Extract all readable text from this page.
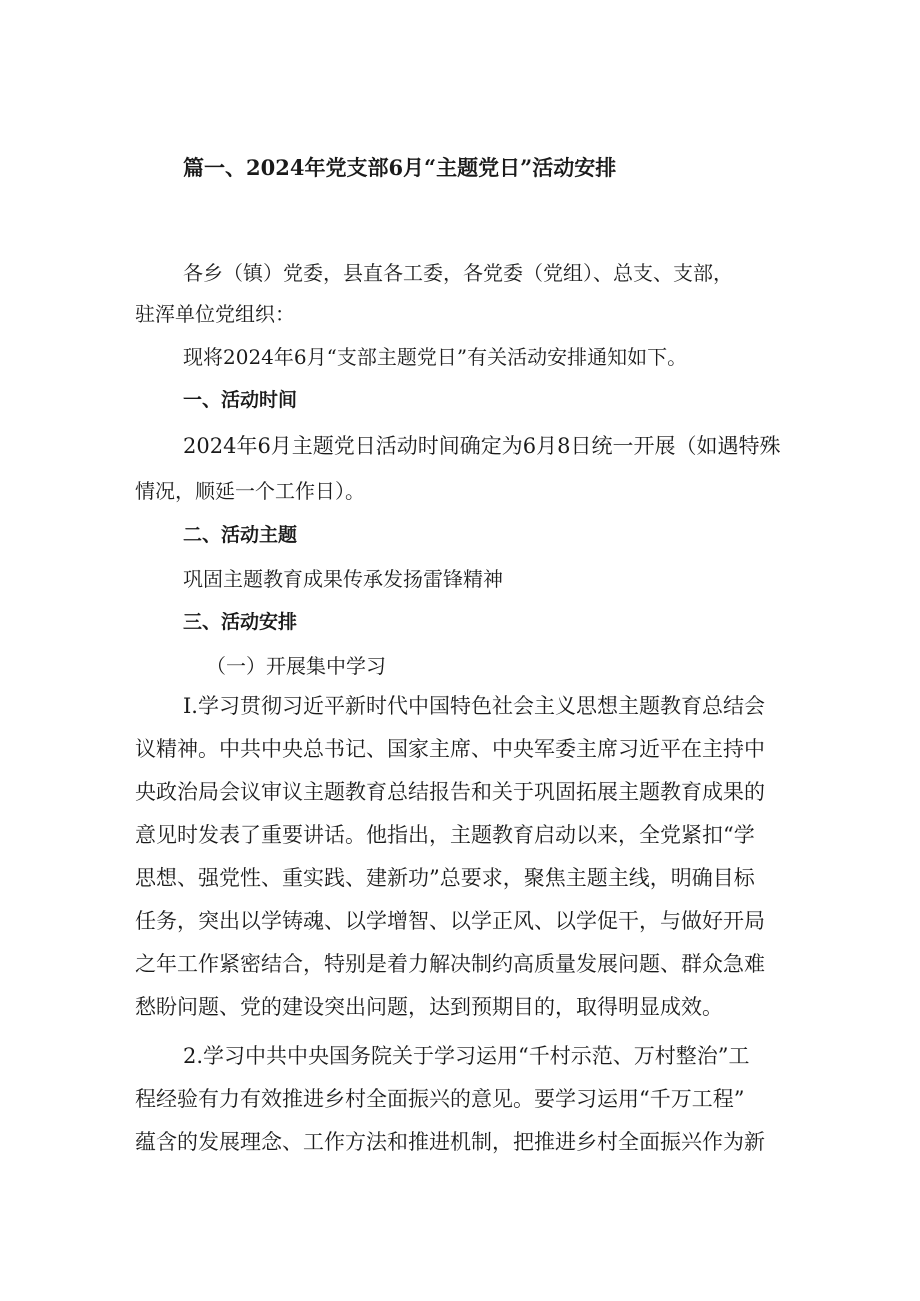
篇一、2024年党支部6月“主题党日”活动安排
各乡（镇）党委，县直各工委，各党委（党组）、总支、支部，
驻浑单位党组织：
现将2024年6月“支部主题党日”有关活动安排通知如下。
一、活动时间
2024年6月主题党日活动时间确定为6月8日统一开展（如遇特殊
情况，顺延一个工作日）。
二、活动主题
巩固主题教育成果传承发扬雷锋精神
三、活动安排
（一）开展集中学习
I.学习贯彻习近平新时代中国特色社会主义思想主题教育总结会
议精神。中共中央总书记、国家主席、中央军委主席习近平在主持中
央政治局会议审议主题教育总结报告和关于巩固拓展主题教育成果的
意见时发表了重要讲话。他指出，主题教育启动以来，全党紧扣“学
思想、强党性、重实践、建新功”总要求，聚焦主题主线，明确目标
任务，突出以学铸魂、以学增智、以学正风、以学促干，与做好开局
之年工作紧密结合，特别是着力解决制约高质量发展问题、群众急难
愁盼问题、党的建设突出问题，达到预期目的，取得明显成效。
2.学习中共中央国务院关于学习运用“千村示范、万村整治”工
程经验有力有效推进乡村全面振兴的意见。要学习运用“千万工程”
蕴含的发展理念、工作方法和推进机制，把推进乡村全面振兴作为新
